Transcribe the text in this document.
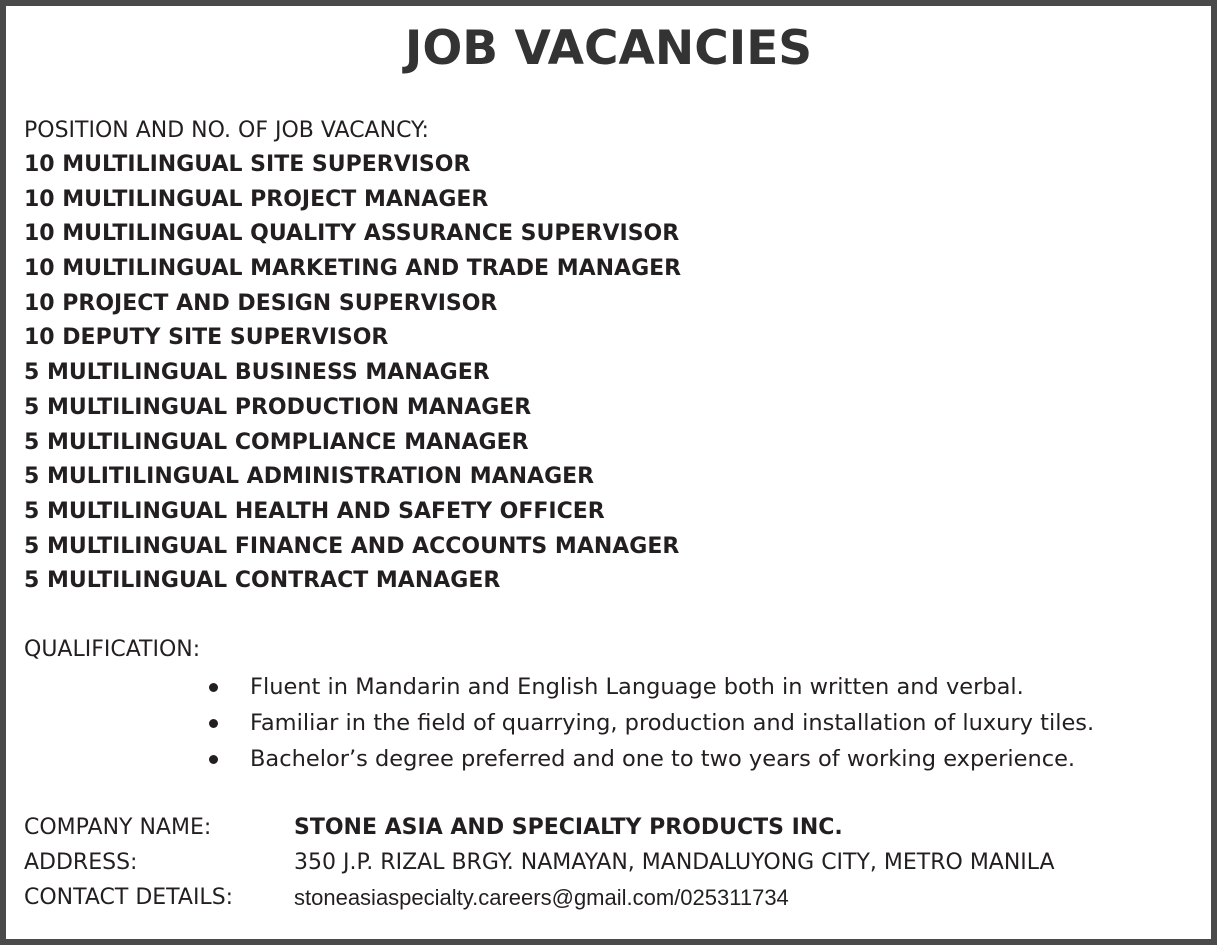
JOB VACANCIES

POSITION AND NO. OF JOB VACANCY:

10 MULTILINGUAL SITE SUPERVISOR
10 MULTILINGUAL PROJECT MANAGER
10 MULTILINGUAL QUALITY ASSURANCE SUPERVISOR
10 MULTILINGUAL MARKETING AND TRADE MANAGER
10 PROJECT AND DESIGN SUPERVISOR
10 DEPUTY SITE SUPERVISOR
5 MULTILINGUAL BUSINESS MANAGER
5 MULTILINGUAL PRODUCTION MANAGER
5 MULTILINGUAL COMPLIANCE MANAGER
5 MULITILINGUAL ADMINISTRATION MANAGER
5 MULTILINGUAL HEALTH AND SAFETY OFFICER
5 MULTILINGUAL FINANCE AND ACCOUNTS MANAGER
5 MULTILINGUAL CONTRACT MANAGER

QUALIFICATION:

Fluent in Mandarin and English Language both in written and verbal.
Familiar in the field of quarrying, production and installation of luxury tiles.
Bachelor’s degree preferred and one to two years of working experience.
COMPANY NAME:	STONE ASIA AND SPECIALTY PRODUCTS INC.
ADDRESS:	350 J.P. RIZAL BRGY. NAMAYAN, MANDALUYONG CITY, METRO MANILA
CONTACT DETAILS:	stoneasiaspecialty.careers@gmail.com/025311734
